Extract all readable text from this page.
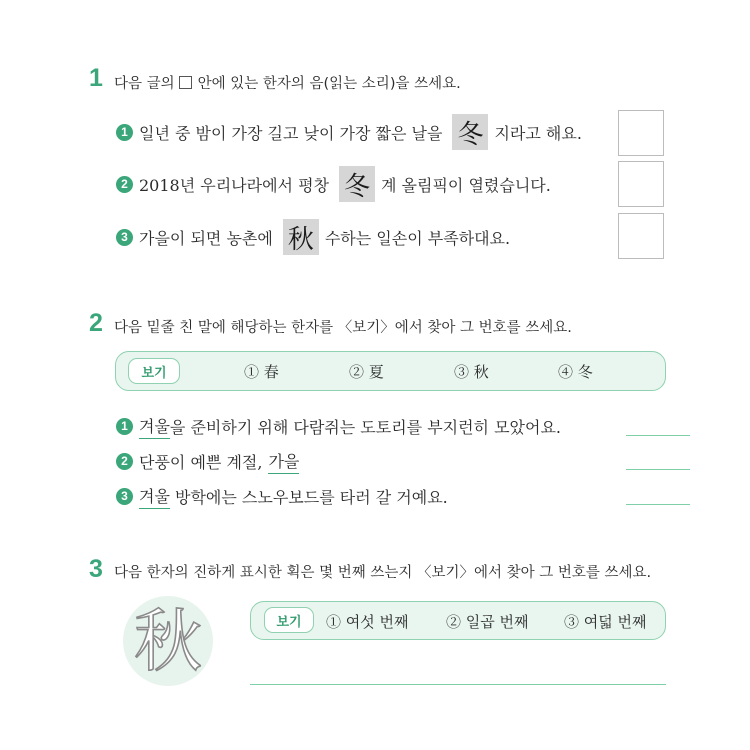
1 다음 글의 안에 있는 한자의 음(읽는 소리)을 쓰세요.
1 일년 중 밤이 가장 길고 낮이 가장 짧은 날을 冬 지라고 해요.
2 2018년 우리나라에서 평창 冬 계 올림픽이 열렸습니다.
3 가을이 되면 농촌에 秋 수하는 일손이 부족하대요.
2 다음 밑줄 친 말에 해당하는 한자를 〈보기〉에서 찾아 그 번호를 쓰세요.
보기	① 春	② 夏	③ 秋	④ 冬
1 겨울 을 준비하기 위해 다람쥐는 도토리를 부지런히 모았어요.
2 단풍이 예쁜 계절, 가을
3 겨울 방학에는 스노우보드를 타러 갈 거예요.
3 다음 한자의 진하게 표시한 획은 몇 번째 쓰는지 〈보기〉에서 찾아 그 번호를 쓰세요.
秋	보기	① 여섯 번째	② 일곱 번째 ③ 여덟 번째
